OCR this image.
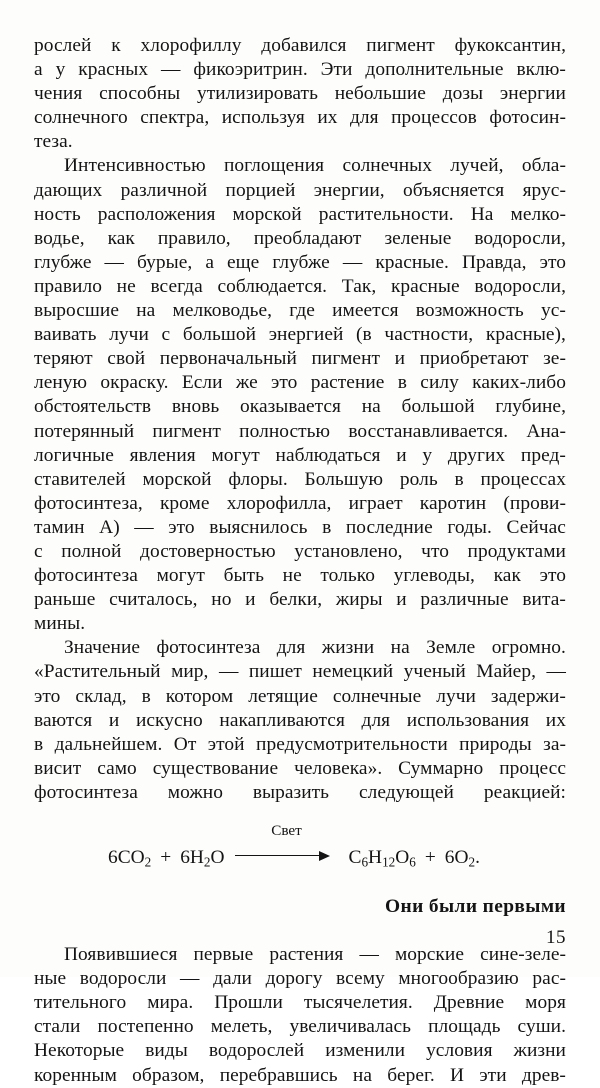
рослей к хлорофиллу добавился пигмент фукоксантин,
а у красных — фикоэритрин. Эти дополнительные вклю-
чения способны утилизировать небольшие дозы энергии
солнечного спектра, используя их для процессов фотосин-
теза.
Интенсивностью поглощения солнечных лучей, обла-
дающих различной порцией энергии, объясняется ярус-
ность расположения морской растительности. На мелко-
водье, как правило, преобладают зеленые водоросли,
глубже — бурые, а еще глубже — красные. Правда, это
правило не всегда соблюдается. Так, красные водоросли,
выросшие на мелководье, где имеется возможность ус-
ваивать лучи с большой энергией (в частности, красные),
теряют свой первоначальный пигмент и приобретают зе-
леную окраску. Если же это растение в силу каких-либо
обстоятельств вновь оказывается на большой глубине,
потерянный пигмент полностью восстанавливается. Ана-
логичные явления могут наблюдаться и у других пред-
ставителей морской флоры. Большую роль в процессах
фотосинтеза, кроме хлорофилла, играет каротин (прови-
тамин А) — это выяснилось в последние годы. Сейчас
с полной достоверностью установлено, что продуктами
фотосинтеза могут быть не только углеводы, как это
раньше считалось, но и белки, жиры и различные вита-
мины.
Значение фотосинтеза для жизни на Земле огромно.
«Растительный мир, — пишет немецкий ученый Майер, —
это склад, в котором летящие солнечные лучи задержи-
ваются и искусно накапливаются для использования их
в дальнейшем. От этой предусмотрительности природы за-
висит само существование человека». Суммарно процесс
фотосинтеза можно выразить следующей реакцией:
$6CO_2 + 6H_2O$
Свет
$C_6H_{12}O_6 + 6O_2$.
Они были первыми
Появившиеся первые растения — морские сине-зеле-
ные водоросли — дали дорогу всему многообразию рас-
тительного мира. Прошли тысячелетия. Древние моря
стали постепенно мелеть, увеличивалась площадь суши.
Некоторые виды водорослей изменили условия жизни
коренным образом, перебравшись на берег. И эти древ-
15
